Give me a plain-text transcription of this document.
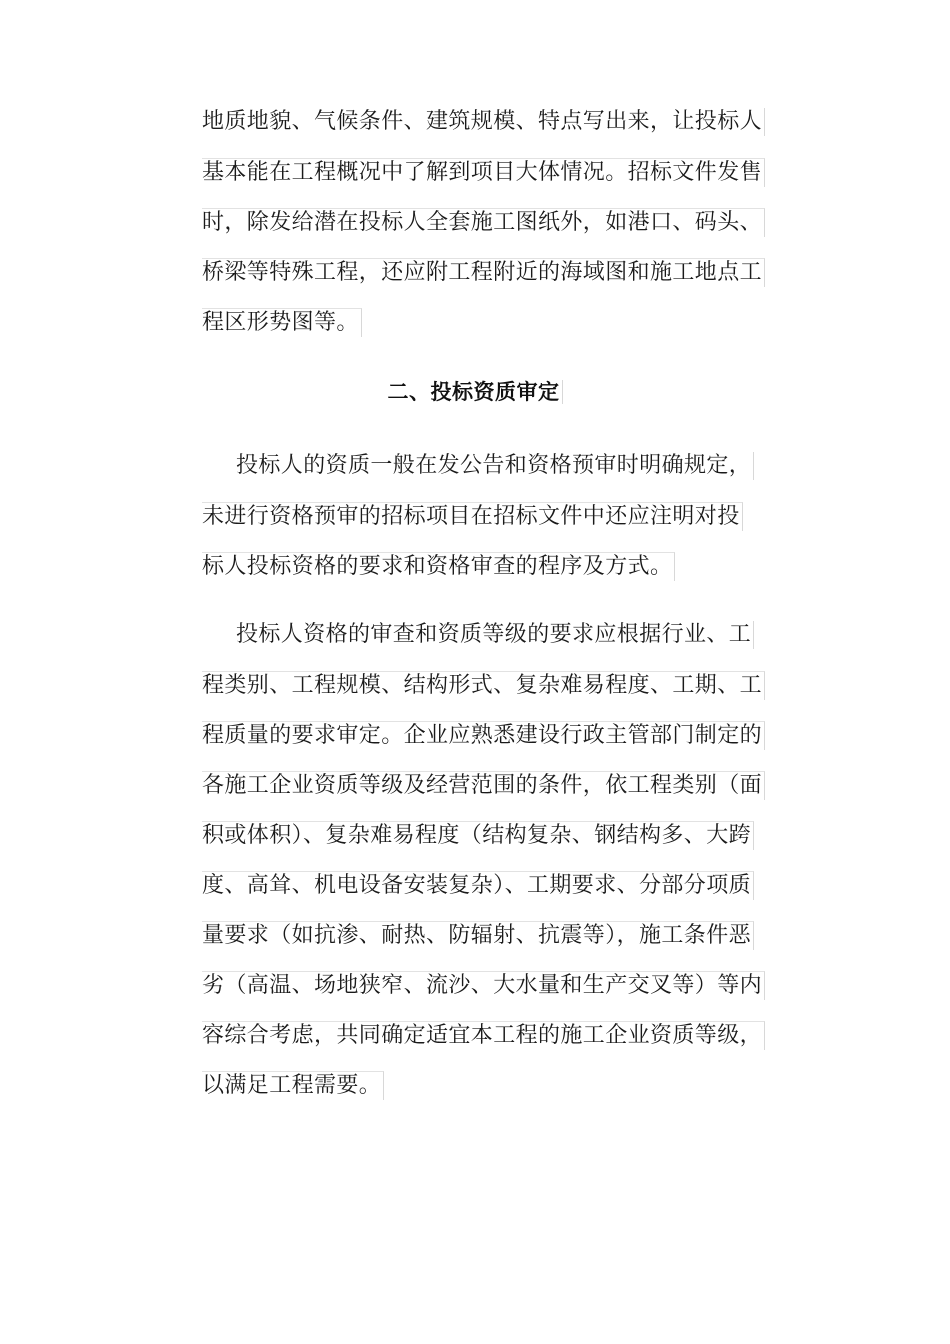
地质地貌、气候条件、建筑规模、特点写出来，让投标人
基本能在工程概况中了解到项目大体情况。招标文件发售
时，除发给潜在投标人全套施工图纸外，如港口、码头、
桥梁等特殊工程，还应附工程附近的海域图和施工地点工
程区形势图等。
二、投标资质审定
投标人的资质一般在发公告和资格预审时明确规定，
未进行资格预审的招标项目在招标文件中还应注明对投
标人投标资格的要求和资格审查的程序及方式。
投标人资格的审查和资质等级的要求应根据行业、工
程类别、工程规模、结构形式、复杂难易程度、工期、工
程质量的要求审定。企业应熟悉建设行政主管部门制定的
各施工企业资质等级及经营范围的条件，依工程类别（面
积或体积）、复杂难易程度（结构复杂、钢结构多、大跨
度、高耸、机电设备安装复杂）、工期要求、分部分项质
量要求（如抗渗、耐热、防辐射、抗震等），施工条件恶
劣（高温、场地狭窄、流沙、大水量和生产交叉等）等内
容综合考虑，共同确定适宜本工程的施工企业资质等级，
以满足工程需要。
